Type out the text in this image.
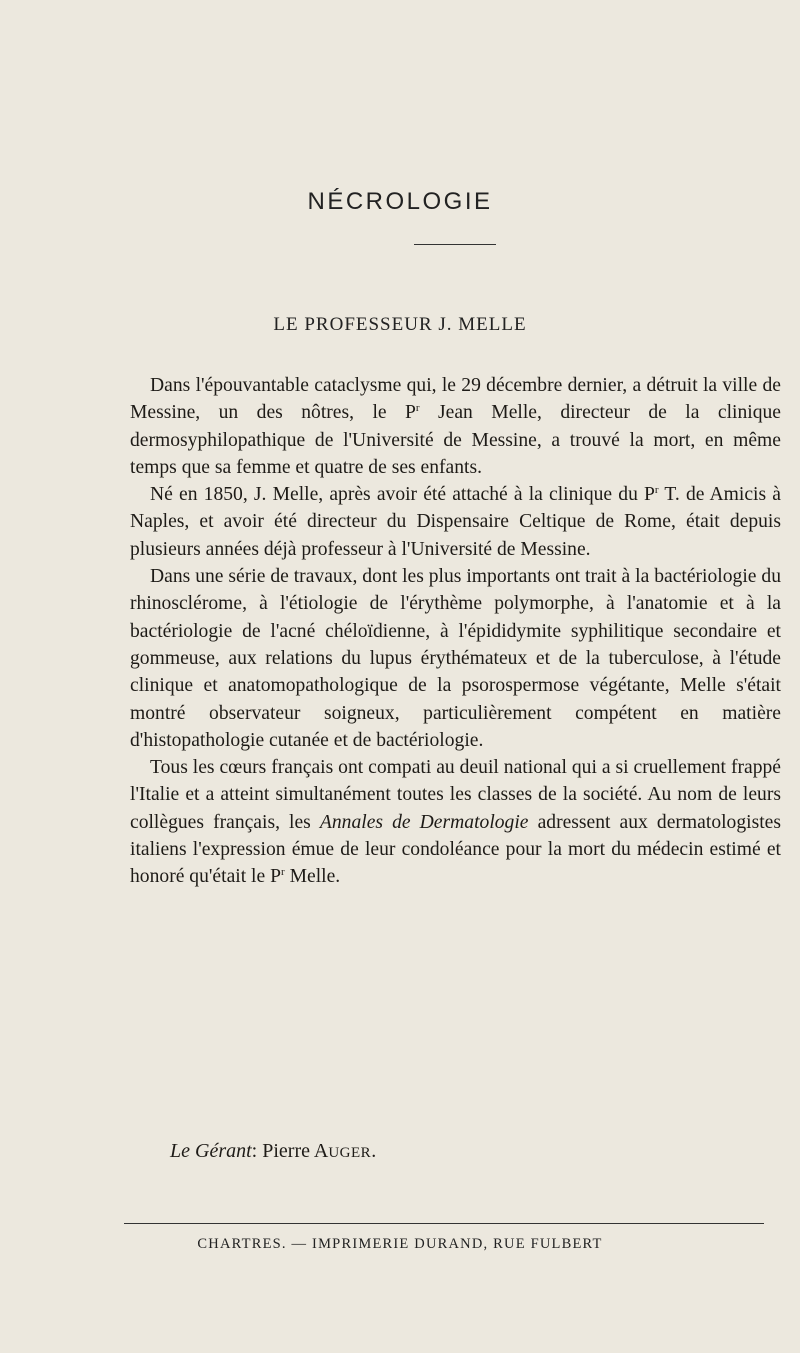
NÉCROLOGIE
LE PROFESSEUR J. MELLE

Dans l'épouvantable cataclysme qui, le 29 décembre dernier, a détruit la ville de Messine, un des nôtres, le $P^r$ Jean Melle, directeur de la clinique dermosyphilopathique de l'Université de Messine, a trouvé la mort, en même temps que sa femme et quatre de ses enfants.

Né en 1850, J. Melle, après avoir été attaché à la clinique du $P^r$ T. de Amicis à Naples, et avoir été directeur du Dispensaire Celtique de Rome, était depuis plusieurs années déjà professeur à l'Université de Messine.

Dans une série de travaux, dont les plus importants ont trait à la bactériologie du rhinosclérome, à l'étiologie de l'érythème polymorphe, à l'anatomie et à la bactériologie de l'acné chéloïdienne, à l'épididymite syphilitique secondaire et gommeuse, aux relations du lupus érythémateux et de la tuberculose, à l'étude clinique et anatomopathologique de la psorospermose végétante, Melle s'était montré observateur soigneux, particulièrement compétent en matière d'histopathologie cutanée et de bactériologie.

Tous les cœurs français ont compati au deuil national qui a si cruellement frappé l'Italie et a atteint simultanément toutes les classes de la société. Au nom de leurs collègues français, les Annales de Dermatologie adressent aux dermatologistes italiens l'expression émue de leur condoléance pour la mort du médecin estimé et honoré qu'était le $P^r$ Melle.

Le Gérant: Pierre AUGER.
CHARTRES. — IMPRIMERIE DURAND, RUE FULBERT
